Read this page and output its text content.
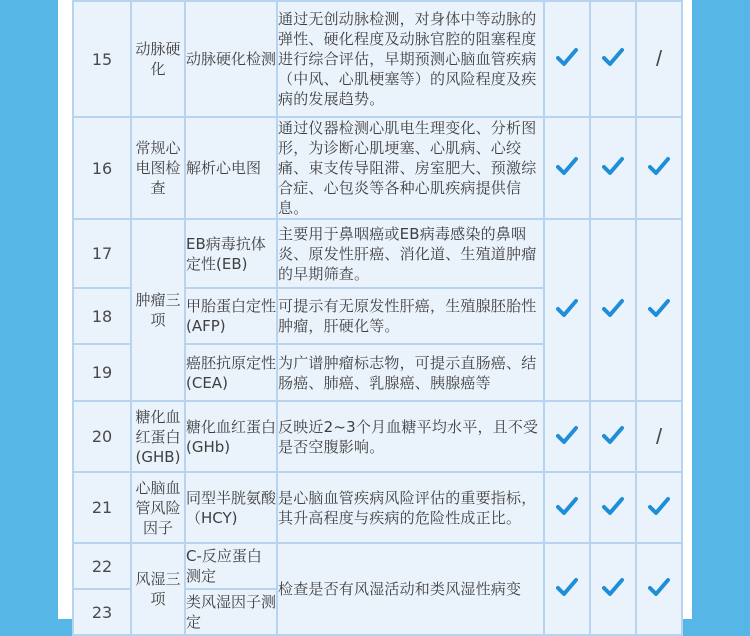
15	动脉硬化	动脉硬化检测	通过无创动脉检测，对身体中等动脉的弹性、硬化程度及动脉官腔的阻塞程度进行综合评估，早期预测心脑血管疾病（中风、心肌梗塞等）的风险程度及疾病的发展趋势。			/
16	常规心电图检查	解析心电图	通过仪器检测心肌电生理变化、分析图形，为诊断心肌埂塞、心肌病、心绞痛、束支传导阻滞、房室肥大、预激综合症、心包炎等各种心肌疾病提供信息。	

17	肿瘤三项	EB病毒抗体定性(EB)	主要用于鼻咽癌或EB病毒感染的鼻咽炎、原发性肝癌、消化道、生殖道肿瘤的早期筛查。	

18		甲胎蛋白定性(AFP)	可提示有无原发性肝癌，生殖腺胚胎性肿瘤，肝硬化等。			
19		癌胚抗原定性(CEA)	为广谱肿瘤标志物，可提示直肠癌、结肠癌、肺癌、乳腺癌、胰腺癌等			
20	糖化血红蛋白(GHB)	糖化血红蛋白(GHb)	反映近2~3个月血糖平均水平，且不受是否空腹影响。			/
21	心脑血管风险因子	同型半胱氨酸（HCY)	是心脑血管疾病风险评估的重要指标，其升高程度与疾病的危险性成正比。	

22	风湿三项	C-反应蛋白测定	检查是否有风湿活动和类风湿性病变	

23		类风湿因子测定				
